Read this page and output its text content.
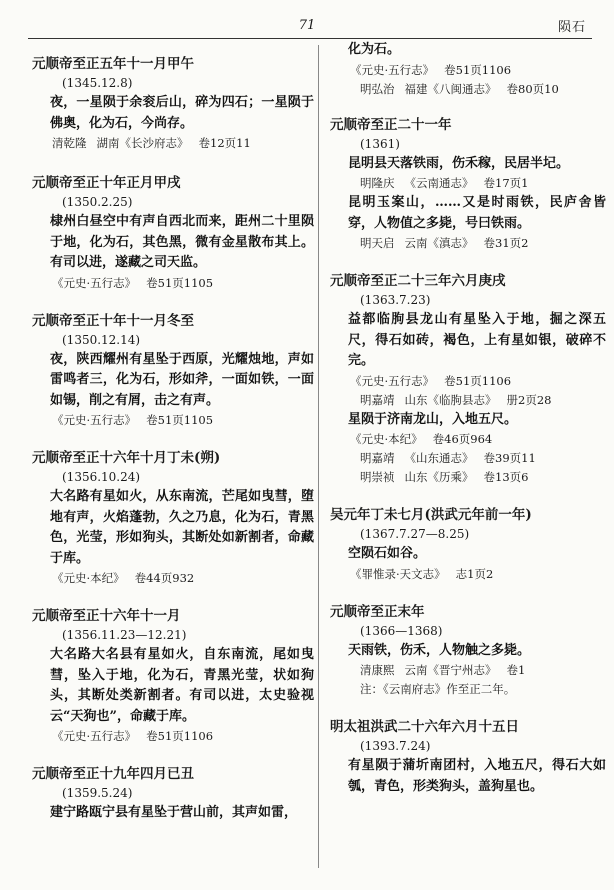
71	陨石
元顺帝至正五年十一月甲午
(1345.12.8)
夜，一星陨于余衮后山，碎为四石；一星陨于佛奥，化为石，今尚存。
清乾隆 湖南《长沙府志》 卷12页11
元顺帝至正十年正月甲戌
(1350.2.25)
棣州白昼空中有声自西北而来，距州二十里陨于地，化为石，其色黑，微有金星散布其上。有司以进，遂藏之司天监。
《元史·五行志》 卷51页1105
元顺帝至正十年十一月冬至
(1350.12.14)
夜，陕西耀州有星坠于西原，光耀烛地，声如雷鸣者三，化为石，形如斧，一面如铁，一面如锡，削之有屑，击之有声。
《元史·五行志》 卷51页1105
元顺帝至正十六年十月丁未(朔)
(1356.10.24)
大名路有星如火，从东南流，芒尾如曳彗，堕地有声，火焰蓬勃，久之乃息，化为石，青黑色，光莹，形如狗头，其断处如新割者，命藏于库。
《元史·本纪》 卷44页932
元顺帝至正十六年十一月
(1356.11.23—12.21)
大名路大名县有星如火，自东南流，尾如曳彗，坠入于地，化为石，青黑光莹，状如狗头，其断处类新割者。有司以进，太史验视云“天狗也”，命藏于库。
《元史·五行志》 卷51页1106
元顺帝至正十九年四月已丑
(1359.5.24)
建宁路瓯宁县有星坠于营山前，其声如雷，
化为石。
《元史·五行志》 卷51页1106
明弘治 福建《八闽通志》 卷80页10
元顺帝至正二十一年
(1361)
昆明县天落铁雨，伤禾稼，民居半圮。
明隆庆 《云南通志》 卷17页1
昆明玉案山，……又是时雨铁，民庐舍皆穿，人物值之多毙，号曰铁雨。
明天启 云南《滇志》 卷31页2
元顺帝至正二十三年六月庚戌
(1363.7.23)
益都临朐县龙山有星坠入于地，掘之深五尺，得石如砖，褐色，上有星如银，破碎不完。
《元史·五行志》 卷51页1106
明嘉靖 山东《临朐县志》 册2页28
星陨于济南龙山，入地五尺。
《元史·本纪》 卷46页964
明嘉靖 《山东通志》 卷39页11
明崇祯 山东《历乘》 卷13页6
吴元年丁未七月(洪武元年前一年)
(1367.7.27—8.25)
空陨石如谷。
《罪惟录·天文志》 志1页2
元顺帝至正末年
(1366—1368)
天雨铁，伤禾，人物触之多毙。
清康熙 云南《晋宁州志》 卷1
注：《云南府志》作至正二年。
明太祖洪武二十六年六月十五日
(1393.7.24)
有星陨于蒲圻南团村，入地五尺，得石大如瓠，青色，形类狗头，盖狗星也。
